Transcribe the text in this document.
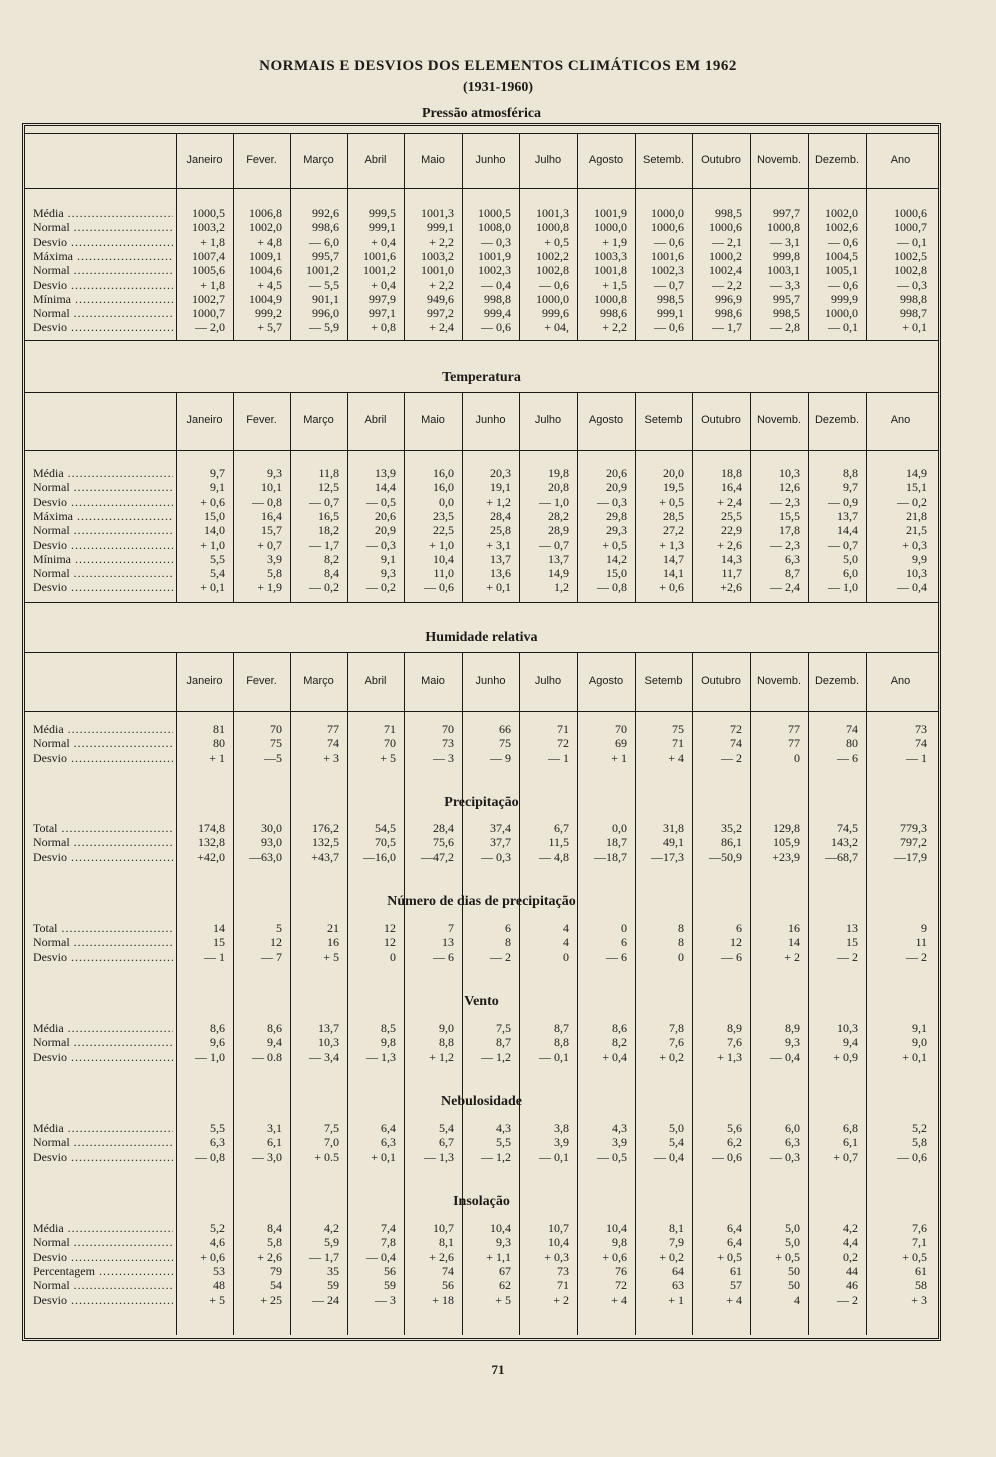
NORMAIS E DESVIOS DOS ELEMENTOS CLIMÁTICOS EM 1962
(1931-1960)
Pressão atmosférica
Janeiro	Fever.	Março	Abril	Maio	Junho	Julho	Agosto	Setemb.	Outubro	Novemb.	Dezemb.	Ano
Média .....	1000,5	1006,8	992,6	999,5	1001,3	1000,5	1001,3	1001,9	1000,0	998,5	997,7	1002,0	1000,6
Normal .....	1003,2	1002,0	998,6	999,1	999,1	1008,0	1000,8	1000,0	1000,6	1000,6	1000,8	1002,6	1000,7
Desvio .....	+ 1,8	+ 4,8	— 6,0	+ 0,4	+ 2,2	— 0,3	+ 0,5	+ 1,9	— 0,6	— 2,1	— 3,1	— 0,6	— 0,1
Máxima .....	1007,4	1009,1	995,7	1001,6	1003,2	1001,9	1002,2	1003,3	1001,6	1000,2	999,8	1004,5	1002,5
Normal .....	1005,6	1004,6	1001,2	1001,2	1001,0	1002,3	1002,8	1001,8	1002,3	1002,4	1003,1	1005,1	1002,8
Desvio .....	+ 1,8	+ 4,5	— 5,5	+ 0,4	+ 2,2	— 0,4	— 0,6	+ 1,5	— 0,7	— 2,2	— 3,3	— 0,6	— 0,3
Mínima .....	1002,7	1004,9	901,1	997,9	949,6	998,8	1000,0	1000,8	998,5	996,9	995,7	999,9	998,8
Normal .....	1000,7	999,2	996,0	997,1	997,2	999,4	999,6	998,6	999,1	998,6	998,5	1000,0	998,7
Desvio .....	— 2,0	+ 5,7	— 5,9	+ 0,8	+ 2,4	— 0,6	+ 04,	+ 2,2	— 0,6	— 1,7	— 2,8	— 0,1	+ 0,1
Temperatura
Janeiro	Fever.	Março	Abril	Maio	Junho	Julho	Agosto	Setemb	Outubro	Novemb.	Dezemb.	Ano
Média .....	9,7	9,3	11,8	13,9	16,0	20,3	19,8	20,6	20,0	18,8	10,3	8,8	14,9
Normal .....	9,1	10,1	12,5	14,4	16,0	19,1	20,8	20,9	19,5	16,4	12,6	9,7	15,1
Desvio .....	+ 0,6	— 0,8	— 0,7	— 0,5	0,0	+ 1,2	— 1,0	— 0,3	+ 0,5	+ 2,4	— 2,3	— 0,9	— 0,2
Máxima .....	15,0	16,4	16,5	20,6	23,5	28,4	28,2	29,8	28,5	25,5	15,5	13,7	21,8
Normal .....	14,0	15,7	18,2	20,9	22,5	25,8	28,9	29,3	27,2	22,9	17,8	14,4	21,5
Desvio .....	+ 1,0	+ 0,7	— 1,7	— 0,3	+ 1,0	+ 3,1	— 0,7	+ 0,5	+ 1,3	+ 2,6	— 2,3	— 0,7	+ 0,3
Mínima .....	5,5	3,9	8,2	9,1	10,4	13,7	13,7	14,2	14,7	14,3	6,3	5,0	9,9
Normal .....	5,4	5,8	8,4	9,3	11,0	13,6	14,9	15,0	14,1	11,7	8,7	6,0	10,3
Desvio .....	+ 0,1	+ 1,9	— 0,2	— 0,2	— 0,6	+ 0,1	1,2	— 0,8	+ 0,6	+2,6	— 2,4	— 1,0	— 0,4
Humidade relativa
Janeiro	Fever.	Março	Abril	Maio	Junho	Julho	Agosto	Setemb	Outubro	Novemb.	Dezemb.	Ano
Média .....	81	70	77	71	70	66	71	70	75	72	77	74	73
Normal .....	80	75	74	70	73	75	72	69	71	74	77	80	74
Desvio .....	+ 1	—5	+ 3	+ 5	— 3	— 9	— 1	+ 1	+ 4	— 2	0	— 6	— 1
Precipitação
Total .....	174,8	30,0	176,2	54,5	28,4	37,4	6,7	0,0	31,8	35,2	129,8	74,5	779,3
Normal .....	132,8	93,0	132,5	70,5	75,6	37,7	11,5	18,7	49,1	86,1	105,9	143,2	797,2
Desvio .....	+42,0	—63,0	+43,7	—16,0	—47,2	— 0,3	— 4,8	—18,7	—17,3	—50,9	+23,9	—68,7	—17,9
Número de dias de precipitação
Total .....	14	5	21	12	7	6	4	0	8	6	16	13	9
Normal .....	15	12	16	12	13	8	4	6	8	12	14	15	11
Desvio .....	— 1	— 7	+ 5	0	— 6	— 2	0	— 6	0	— 6	+ 2	— 2	— 2
Vento
Média .....	8,6	8,6	13,7	8,5	9,0	7,5	8,7	8,6	7,8	8,9	8,9	10,3	9,1
Normal .....	9,6	9,4	10,3	9,8	8,8	8,7	8,8	8,2	7,6	7,6	9,3	9,4	9,0
Desvio .....	— 1,0	— 0.8	— 3,4	— 1,3	+ 1,2	— 1,2	— 0,1	+ 0,4	+ 0,2	+ 1,3	— 0,4	+ 0,9	+ 0,1
Nebulosidade
Média .....	5,5	3,1	7,5	6,4	5,4	4,3	3,8	4,3	5,0	5,6	6,0	6,8	5,2
Normal .....	6,3	6,1	7,0	6,3	6,7	5,5	3,9	3,9	5,4	6,2	6,3	6,1	5,8
Desvio .....	— 0,8	— 3,0	+ 0.5	+ 0,1	— 1,3	— 1,2	— 0,1	— 0,5	— 0,4	— 0,6	— 0,3	+ 0,7	— 0,6
Insolação
Média .....	5,2	8,4	4,2	7,4	10,7	10,4	10,7	10,4	8,1	6,4	5,0	4,2	7,6
Normal .....	4,6	5,8	5,9	7,8	8,1	9,3	10,4	9,8	7,9	6,4	5,0	4,4	7,1
Desvio .....	+ 0,6	+ 2,6	— 1,7	— 0,4	+ 2,6	+ 1,1	+ 0,3	+ 0,6	+ 0,2	+ 0,5	+ 0,5	0,2	+ 0,5
Percentagem .....	53	79	35	56	74	67	73	76	64	61	50	44	61
Normal .....	48	54	59	59	56	62	71	72	63	57	50	46	58
Desvio .....	+ 5	+ 25	— 24	— 3	+ 18	+ 5	+ 2	+ 4	+ 1	+ 4	4	— 2	+ 3
71
